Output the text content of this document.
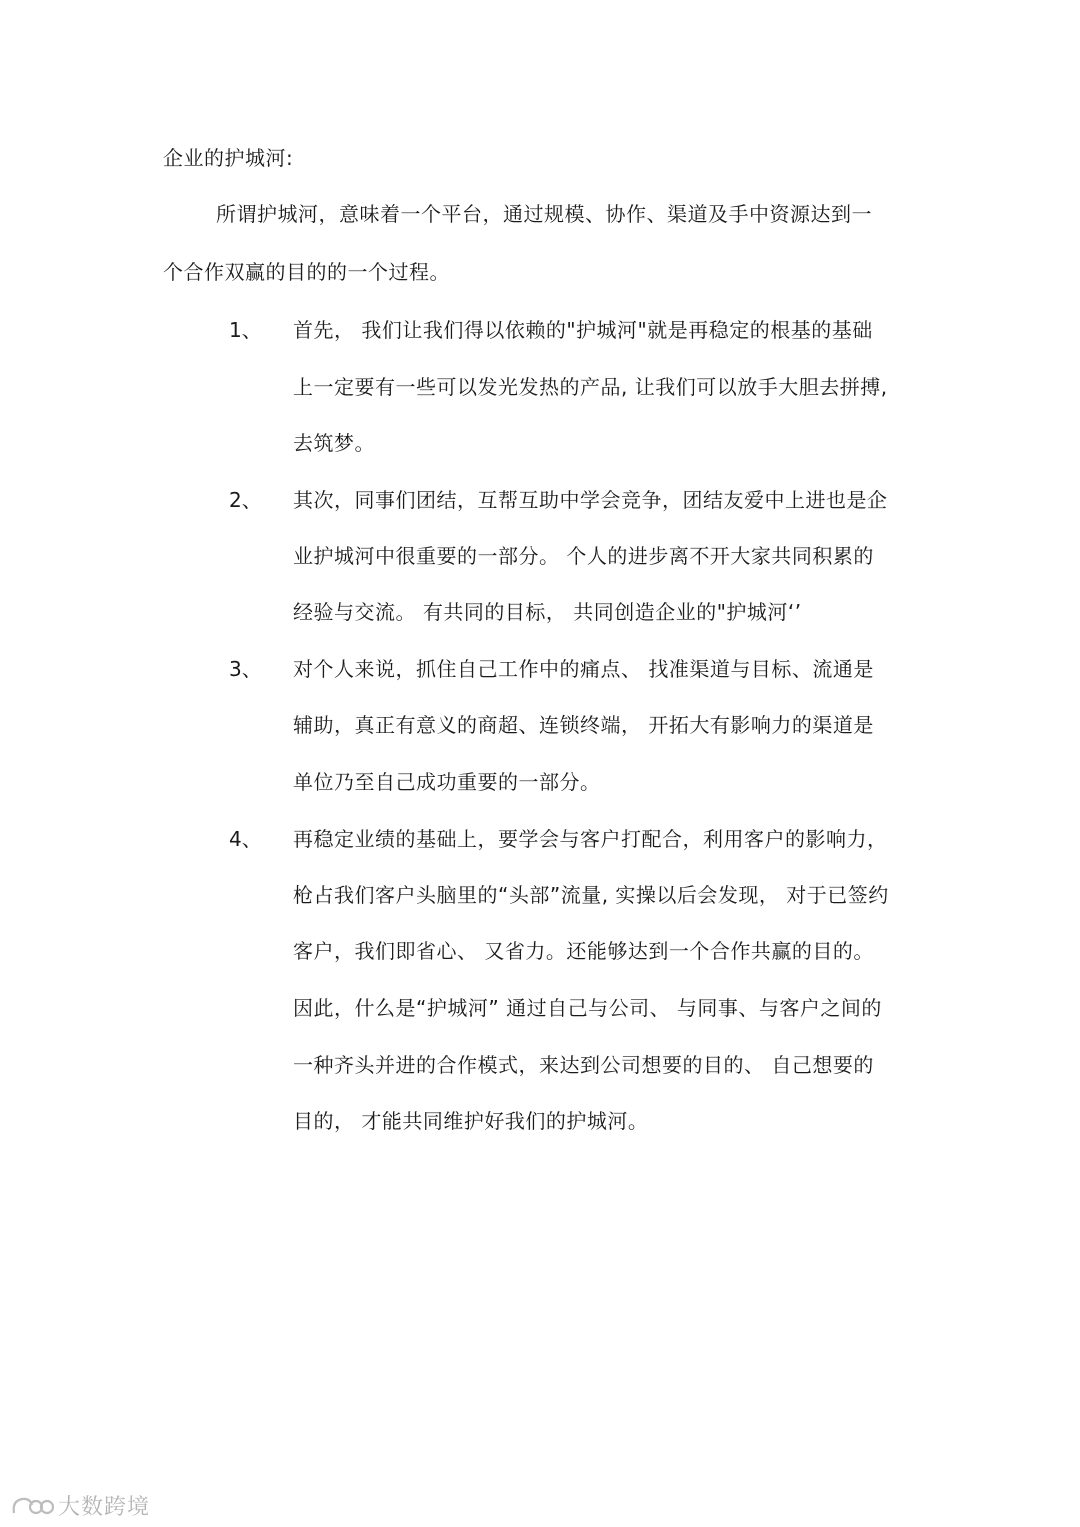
企业的护城河:
所谓护城河，意味着一个平台，通过规模、协作、渠道及手中资源达到一
个合作双赢的目的的一个过程。
1、 首先， 我们让我们得以依赖的"护城河"就是再稳定的根基的基础
上一定要有一些可以发光发热的产品, 让我们可以放手大胆去拼搏,
去筑梦。
2、 其次，同事们团结，互帮互助中学会竞争，团结友爱中上进也是企
业护城河中很重要的一部分。 个人的进步离不开大家共同积累的
经验与交流。 有共同的目标， 共同创造企业的"护城河‘’
3、 对个人来说，抓住自己工作中的痛点、 找准渠道与目标、流通是
辅助，真正有意义的商超、连锁终端， 开拓大有影响力的渠道是
单位乃至自己成功重要的一部分。
4、 再稳定业绩的基础上，要学会与客户打配合，利用客户的影响力，
枪占我们客户头脑里的“头部”流量, 实操以后会发现， 对于已签约
客户，我们即省心、 又省力。还能够达到一个合作共赢的目的。
因此，什么是“护城河” 通过自己与公司、 与同事、与客户之间的
一种齐头并进的合作模式，来达到公司想要的目的、 自己想要的
目的， 才能共同维护好我们的护城河。
大数跨境
